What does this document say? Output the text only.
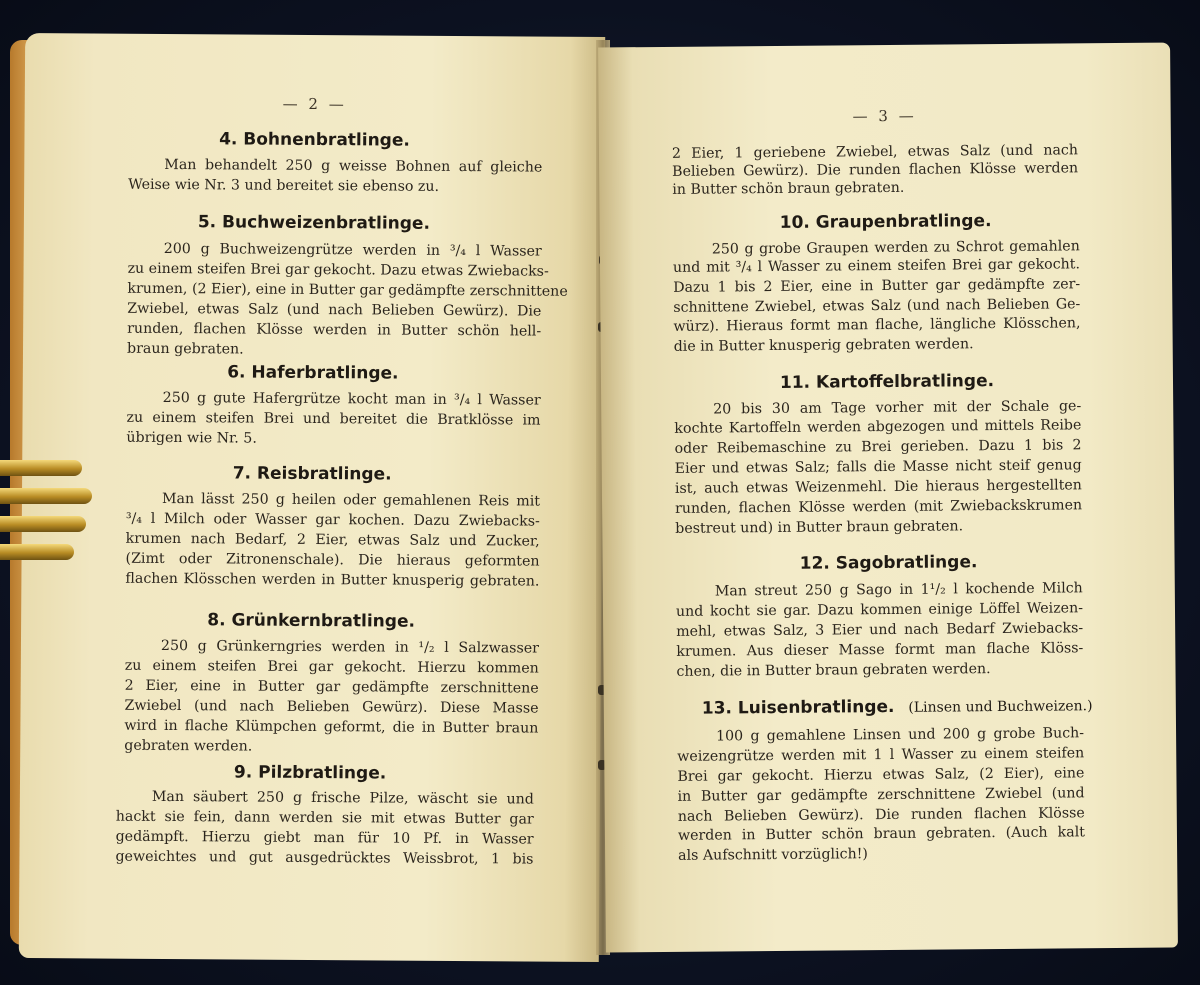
— 2 —
4. Bohnenbratlinge.
Man behandelt 250 g weisse Bohnen auf gleiche
Weise wie Nr. 3 und bereitet sie ebenso zu.
5. Buchweizenbratlinge.
200 g Buchweizengrütze werden in ³/₄ l Wasser
zu einem steifen Brei gar gekocht. Dazu etwas Zwiebacks-
krumen, (2 Eier), eine in Butter gar gedämpfte zerschnittene
Zwiebel, etwas Salz (und nach Belieben Gewürz). Die
runden, flachen Klösse werden in Butter schön hell-
braun gebraten.
6. Haferbratlinge.
250 g gute Hafergrütze kocht man in ³/₄ l Wasser
zu einem steifen Brei und bereitet die Bratklösse im
übrigen wie Nr. 5.
7. Reisbratlinge.
Man lässt 250 g heilen oder gemahlenen Reis mit
³/₄ l Milch oder Wasser gar kochen. Dazu Zwiebacks-
krumen nach Bedarf, 2 Eier, etwas Salz und Zucker,
(Zimt oder Zitronenschale). Die hieraus geformten
flachen Klösschen werden in Butter knusperig gebraten.
8. Grünkernbratlinge.
250 g Grünkerngries werden in ¹/₂ l Salzwasser
zu einem steifen Brei gar gekocht. Hierzu kommen
2 Eier, eine in Butter gar gedämpfte zerschnittene
Zwiebel (und nach Belieben Gewürz). Diese Masse
wird in flache Klümpchen geformt, die in Butter braun
gebraten werden.
9. Pilzbratlinge.
Man säubert 250 g frische Pilze, wäscht sie und
hackt sie fein, dann werden sie mit etwas Butter gar
gedämpft. Hierzu giebt man für 10 Pf. in Wasser
geweichtes und gut ausgedrücktes Weissbrot, 1 bis
— 3 —
2 Eier, 1 geriebene Zwiebel, etwas Salz (und nach
Belieben Gewürz). Die runden flachen Klösse werden
in Butter schön braun gebraten.
10. Graupenbratlinge.
250 g grobe Graupen werden zu Schrot gemahlen
und mit ³/₄ l Wasser zu einem steifen Brei gar gekocht.
Dazu 1 bis 2 Eier, eine in Butter gar gedämpfte zer-
schnittene Zwiebel, etwas Salz (und nach Belieben Ge-
würz). Hieraus formt man flache, längliche Klösschen,
die in Butter knusperig gebraten werden.
11. Kartoffelbratlinge.
20 bis 30 am Tage vorher mit der Schale ge-
kochte Kartoffeln werden abgezogen und mittels Reibe
oder Reibemaschine zu Brei gerieben. Dazu 1 bis 2
Eier und etwas Salz; falls die Masse nicht steif genug
ist, auch etwas Weizenmehl. Die hieraus hergestellten
runden, flachen Klösse werden (mit Zwiebackskrumen
bestreut und) in Butter braun gebraten.
12. Sagobratlinge.
Man streut 250 g Sago in 1¹/₂ l kochende Milch
und kocht sie gar. Dazu kommen einige Löffel Weizen-
mehl, etwas Salz, 3 Eier und nach Bedarf Zwiebacks-
krumen. Aus dieser Masse formt man flache Klöss-
chen, die in Butter braun gebraten werden.
13. Luisenbratlinge. (Linsen und Buchweizen.)
100 g gemahlene Linsen und 200 g grobe Buch-
weizengrütze werden mit 1 l Wasser zu einem steifen
Brei gar gekocht. Hierzu etwas Salz, (2 Eier), eine
in Butter gar gedämpfte zerschnittene Zwiebel (und
nach Belieben Gewürz). Die runden flachen Klösse
werden in Butter schön braun gebraten. (Auch kalt
als Aufschnitt vorzüglich!)
